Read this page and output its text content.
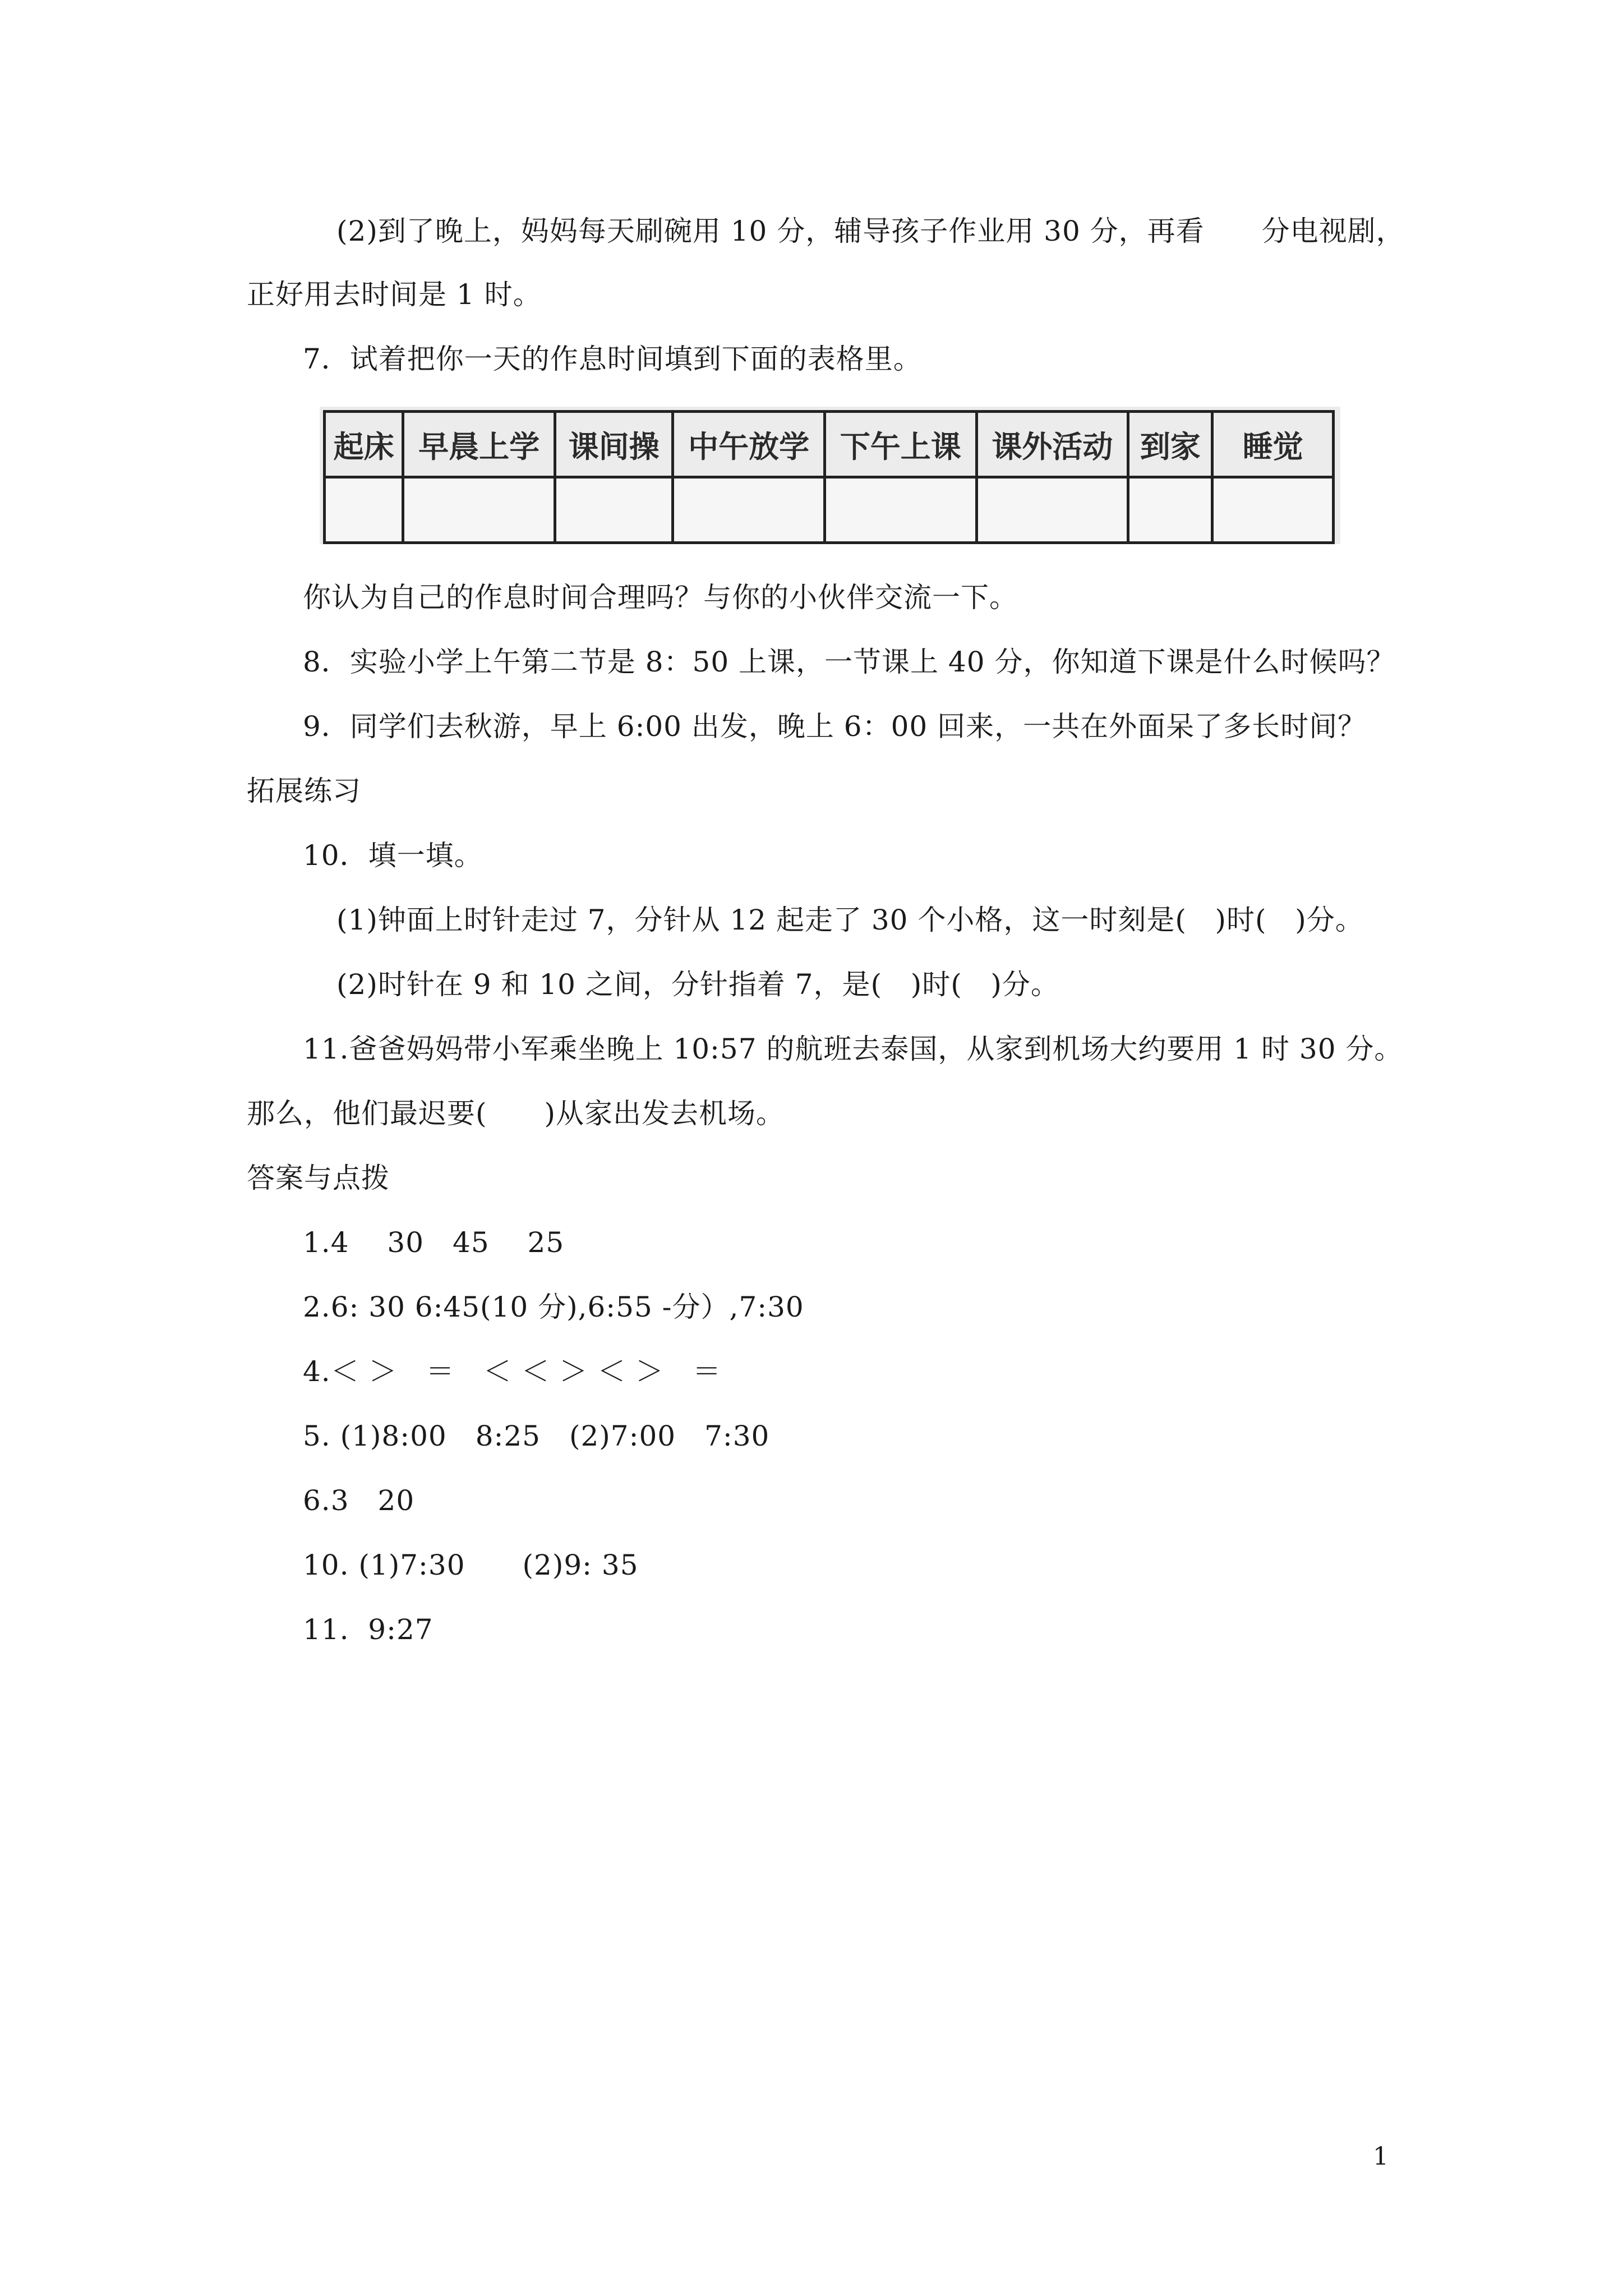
(2)到了晚上，妈妈每天刷碗用 10 分，辅导孩子作业用 30 分，再看　　分电视剧，
正好用去时间是 1 时。
7．试着把你一天的作息时间填到下面的表格里。
起床	早晨上学	课间操	中午放学	下午上课	课外活动	到家	睡觉

你认为自己的作息时间合理吗？与你的小伙伴交流一下。
8．实验小学上午第二节是 8：50 上课，一节课上 40 分，你知道下课是什么时候吗？
9．同学们去秋游，早上 6:00 出发，晚上 6：00 回来，一共在外面呆了多长时间？
拓展练习
10．填一填。
(1)钟面上时针走过 7，分针从 12 起走了 30 个小格，这一时刻是(   )时(   )分。
(2)时针在 9 和 10 之间，分针指着 7，是(   )时(   )分。
11.爸爸妈妈带小军乘坐晚上 10:57 的航班去泰国，从家到机场大约要用 1 时 30 分。
那么，他们最迟要(　　)从家出发去机场。
答案与点拨
1.4　 30　45　 25
2.6: 30 6:45(10 分),6:55 -分）,7:30
4.＜ ＞　＝　＜ ＜ ＞ ＜ ＞　＝
5. (1)8:00　8:25　(2)7:00　7:30
6.3　20
10. (1)7:30　　(2)9: 35
11.  9:27
1
